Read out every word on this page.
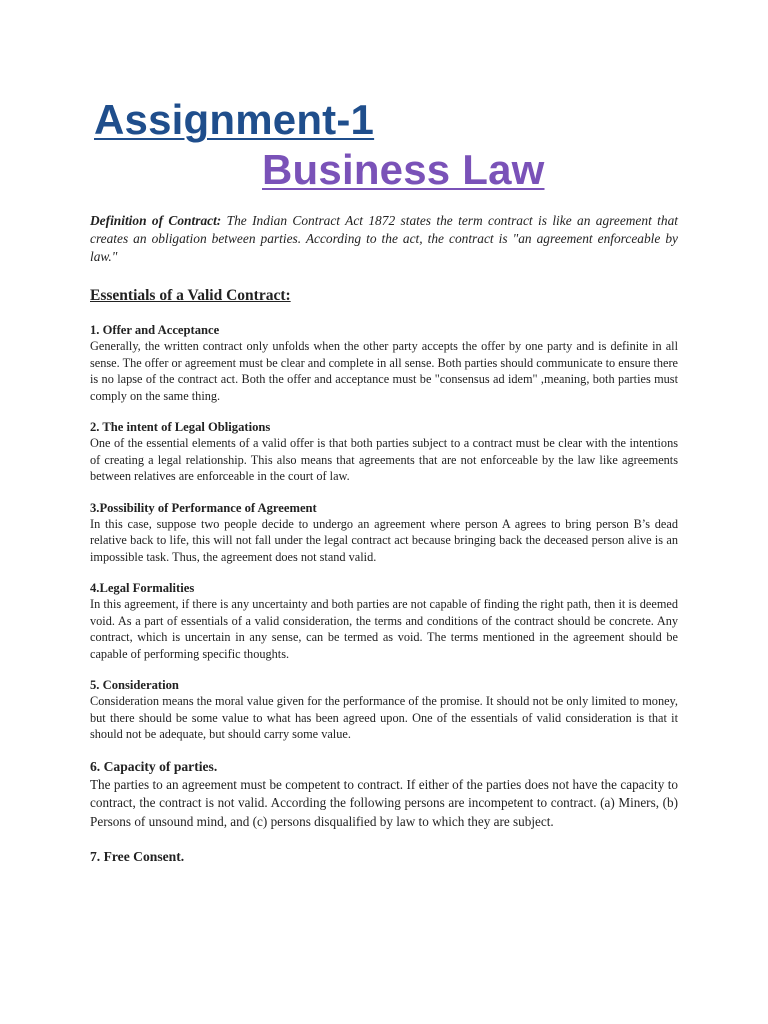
Assignment-1
Business Law

Definition of Contract: The Indian Contract Act 1872 states the term contract is like an agreement that creates an obligation between parties. According to the act, the contract is "an agreement enforceable by law."

Essentials of a Valid Contract:

1. Offer and Acceptance

Generally, the written contract only unfolds when the other party accepts the offer by one party and is definite in all sense. The offer or agreement must be clear and complete in all sense. Both parties should communicate to ensure there is no lapse of the contract act. Both the offer and acceptance must be "consensus ad idem" ,meaning, both parties must comply on the same thing.

2. The intent of Legal Obligations

One of the essential elements of a valid offer is that both parties subject to a contract must be clear with the intentions of creating a legal relationship. This also means that agreements that are not enforceable by the law like agreements between relatives are enforceable in the court of law.

3.Possibility of Performance of Agreement

In this case, suppose two people decide to undergo an agreement where person A agrees to bring person B’s dead relative back to life, this will not fall under the legal contract act because bringing back the deceased person alive is an impossible task. Thus, the agreement does not stand valid.

4.Legal Formalities

In this agreement, if there is any uncertainty and both parties are not capable of finding the right path, then it is deemed void. As a part of essentials of a valid consideration, the terms and conditions of the contract should be concrete. Any contract, which is uncertain in any sense, can be termed as void. The terms mentioned in the agreement should be capable of performing specific thoughts.

5. Consideration

Consideration means the moral value given for the performance of the promise. It should not be only limited to money, but there should be some value to what has been agreed upon. One of the essentials of valid consideration is that it should not be adequate, but should carry some value.

6. Capacity of parties.

The parties to an agreement must be competent to contract. If either of the parties does not have the capacity to contract, the contract is not valid. According the following persons are incompetent to contract. (a) Miners, (b) Persons of unsound mind, and (c) persons disqualified by law to which they are subject.

7. Free Consent.
